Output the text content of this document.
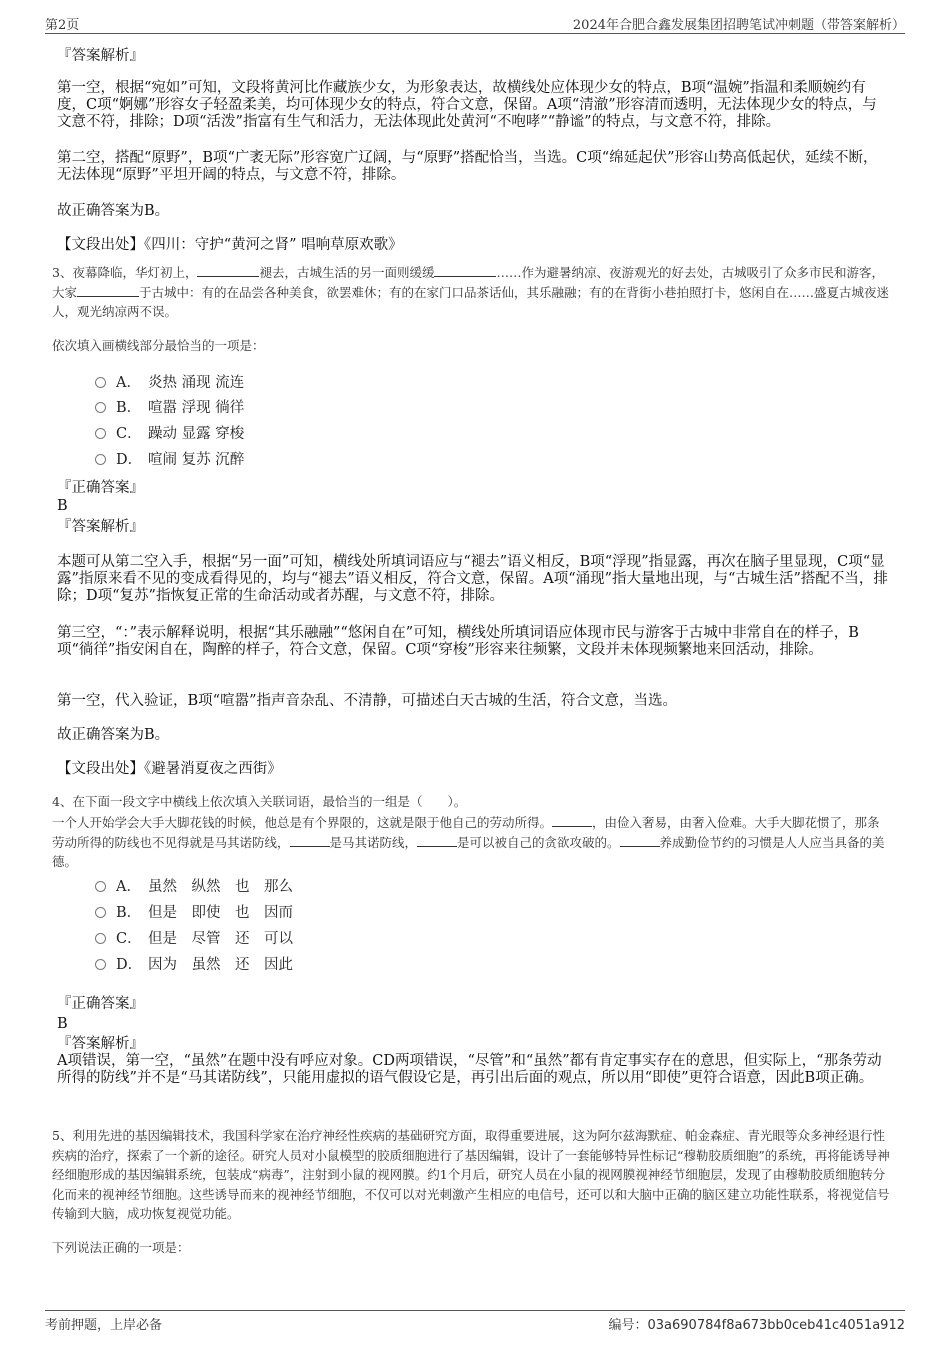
第2页	2024年合肥合鑫发展集团招聘笔试冲刺题（带答案解析）
『答案解析』
第一空，根据“宛如”可知，文段将黄河比作藏族少女，为形象表达，故横线处应体现少女的特点，B项“温婉”指温和柔顺婉约有度，C项“婀娜”形容女子轻盈柔美，均可体现少女的特点，符合文意，保留。A项“清澈”形容清而透明，无法体现少女的特点，与文意不符，排除；D项“活泼”指富有生气和活力，无法体现此处黄河“不咆哮”“静谧”的特点，与文意不符，排除。
第二空，搭配“原野”，B项“广袤无际”形容宽广辽阔，与“原野”搭配恰当，当选。C项“绵延起伏”形容山势高低起伏，延续不断，无法体现“原野”平坦开阔的特点，与文意不符，排除。
故正确答案为B。
【文段出处】《四川：守护“黄河之肾” 唱响草原欢歌》
3、夜幕降临，华灯初上，	褪去，古城生活的另一面则缓缓	……作为避暑纳凉、夜游观光的好去处，古城吸引了众多市民和游客，大家	于古城中：有的在品尝各种美食，欲罢难休；有的在家门口品茶话仙，其乐融融；有的在背街小巷拍照打卡，悠闲自在……盛夏古城夜迷人，观光纳凉两不误。
依次填入画横线部分最恰当的一项是：
A． 炎热 涌现 流连
B． 喧嚣 浮现 徜徉
C． 躁动 显露 穿梭
D． 喧闹 复苏 沉醉
『正确答案』
B
『答案解析』
本题可从第二空入手，根据“另一面”可知，横线处所填词语应与“褪去”语义相反，B项“浮现”指显露，再次在脑子里显现，C项“显露”指原来看不见的变成看得见的，均与“褪去”语义相反，符合文意，保留。A项“涌现”指大量地出现，与“古城生活”搭配不当，排除；D项“复苏”指恢复正常的生命活动或者苏醒，与文意不符，排除。
第三空，“：”表示解释说明，根据“其乐融融”“悠闲自在”可知，横线处所填词语应体现市民与游客于古城中非常自在的样子，B项“徜徉”指安闲自在，陶醉的样子，符合文意，保留。C项“穿梭”形容来往频繁，文段并未体现频繁地来回活动，排除。
第一空，代入验证，B项“喧嚣”指声音杂乱、不清静，可描述白天古城的生活，符合文意，当选。
故正确答案为B。
【文段出处】《避暑消夏夜之西街》
4、在下面一段文字中横线上依次填入关联词语，最恰当的一组是（　　）。
一个人开始学会大手大脚花钱的时候，他总是有个界限的，这就是限于他自己的劳动所得。	，由俭入奢易，由奢入俭难。大手大脚花惯了，那条劳动所得的防线也不见得就是马其诺防线，	是马其诺防线，	是可以被自己的贪欲攻破的。	养成勤俭节约的习惯是人人应当具备的美德。
A． 虽然　纵然　也　那么
B． 但是　即使　也　因而
C． 但是　尽管　还　可以
D． 因为　虽然　还　因此
『正确答案』
B
『答案解析』
A项错误，第一空，“虽然”在题中没有呼应对象。CD两项错误，“尽管”和“虽然”都有肯定事实存在的意思，但实际上，“那条劳动所得的防线”并不是“马其诺防线”，只能用虚拟的语气假设它是，再引出后面的观点，所以用“即使”更符合语意，因此B项正确。
5、利用先进的基因编辑技术，我国科学家在治疗神经性疾病的基础研究方面，取得重要进展，这为阿尔兹海默症、帕金森症、青光眼等众多神经退行性疾病的治疗，探索了一个新的途径。研究人员对小鼠模型的胶质细胞进行了基因编辑，设计了一套能够特异性标记“穆勒胶质细胞”的系统，再将能诱导神经细胞形成的基因编辑系统，包装成“病毒”，注射到小鼠的视网膜。约1个月后，研究人员在小鼠的视网膜视神经节细胞层，发现了由穆勒胶质细胞转分化而来的视神经节细胞。这些诱导而来的视神经节细胞，不仅可以对光刺激产生相应的电信号，还可以和大脑中正确的脑区建立功能性联系，将视觉信号传输到大脑，成功恢复视觉功能。
下列说法正确的一项是：
考前押题，上岸必备	编号：03a690784f8a673bb0ceb41c4051a912
